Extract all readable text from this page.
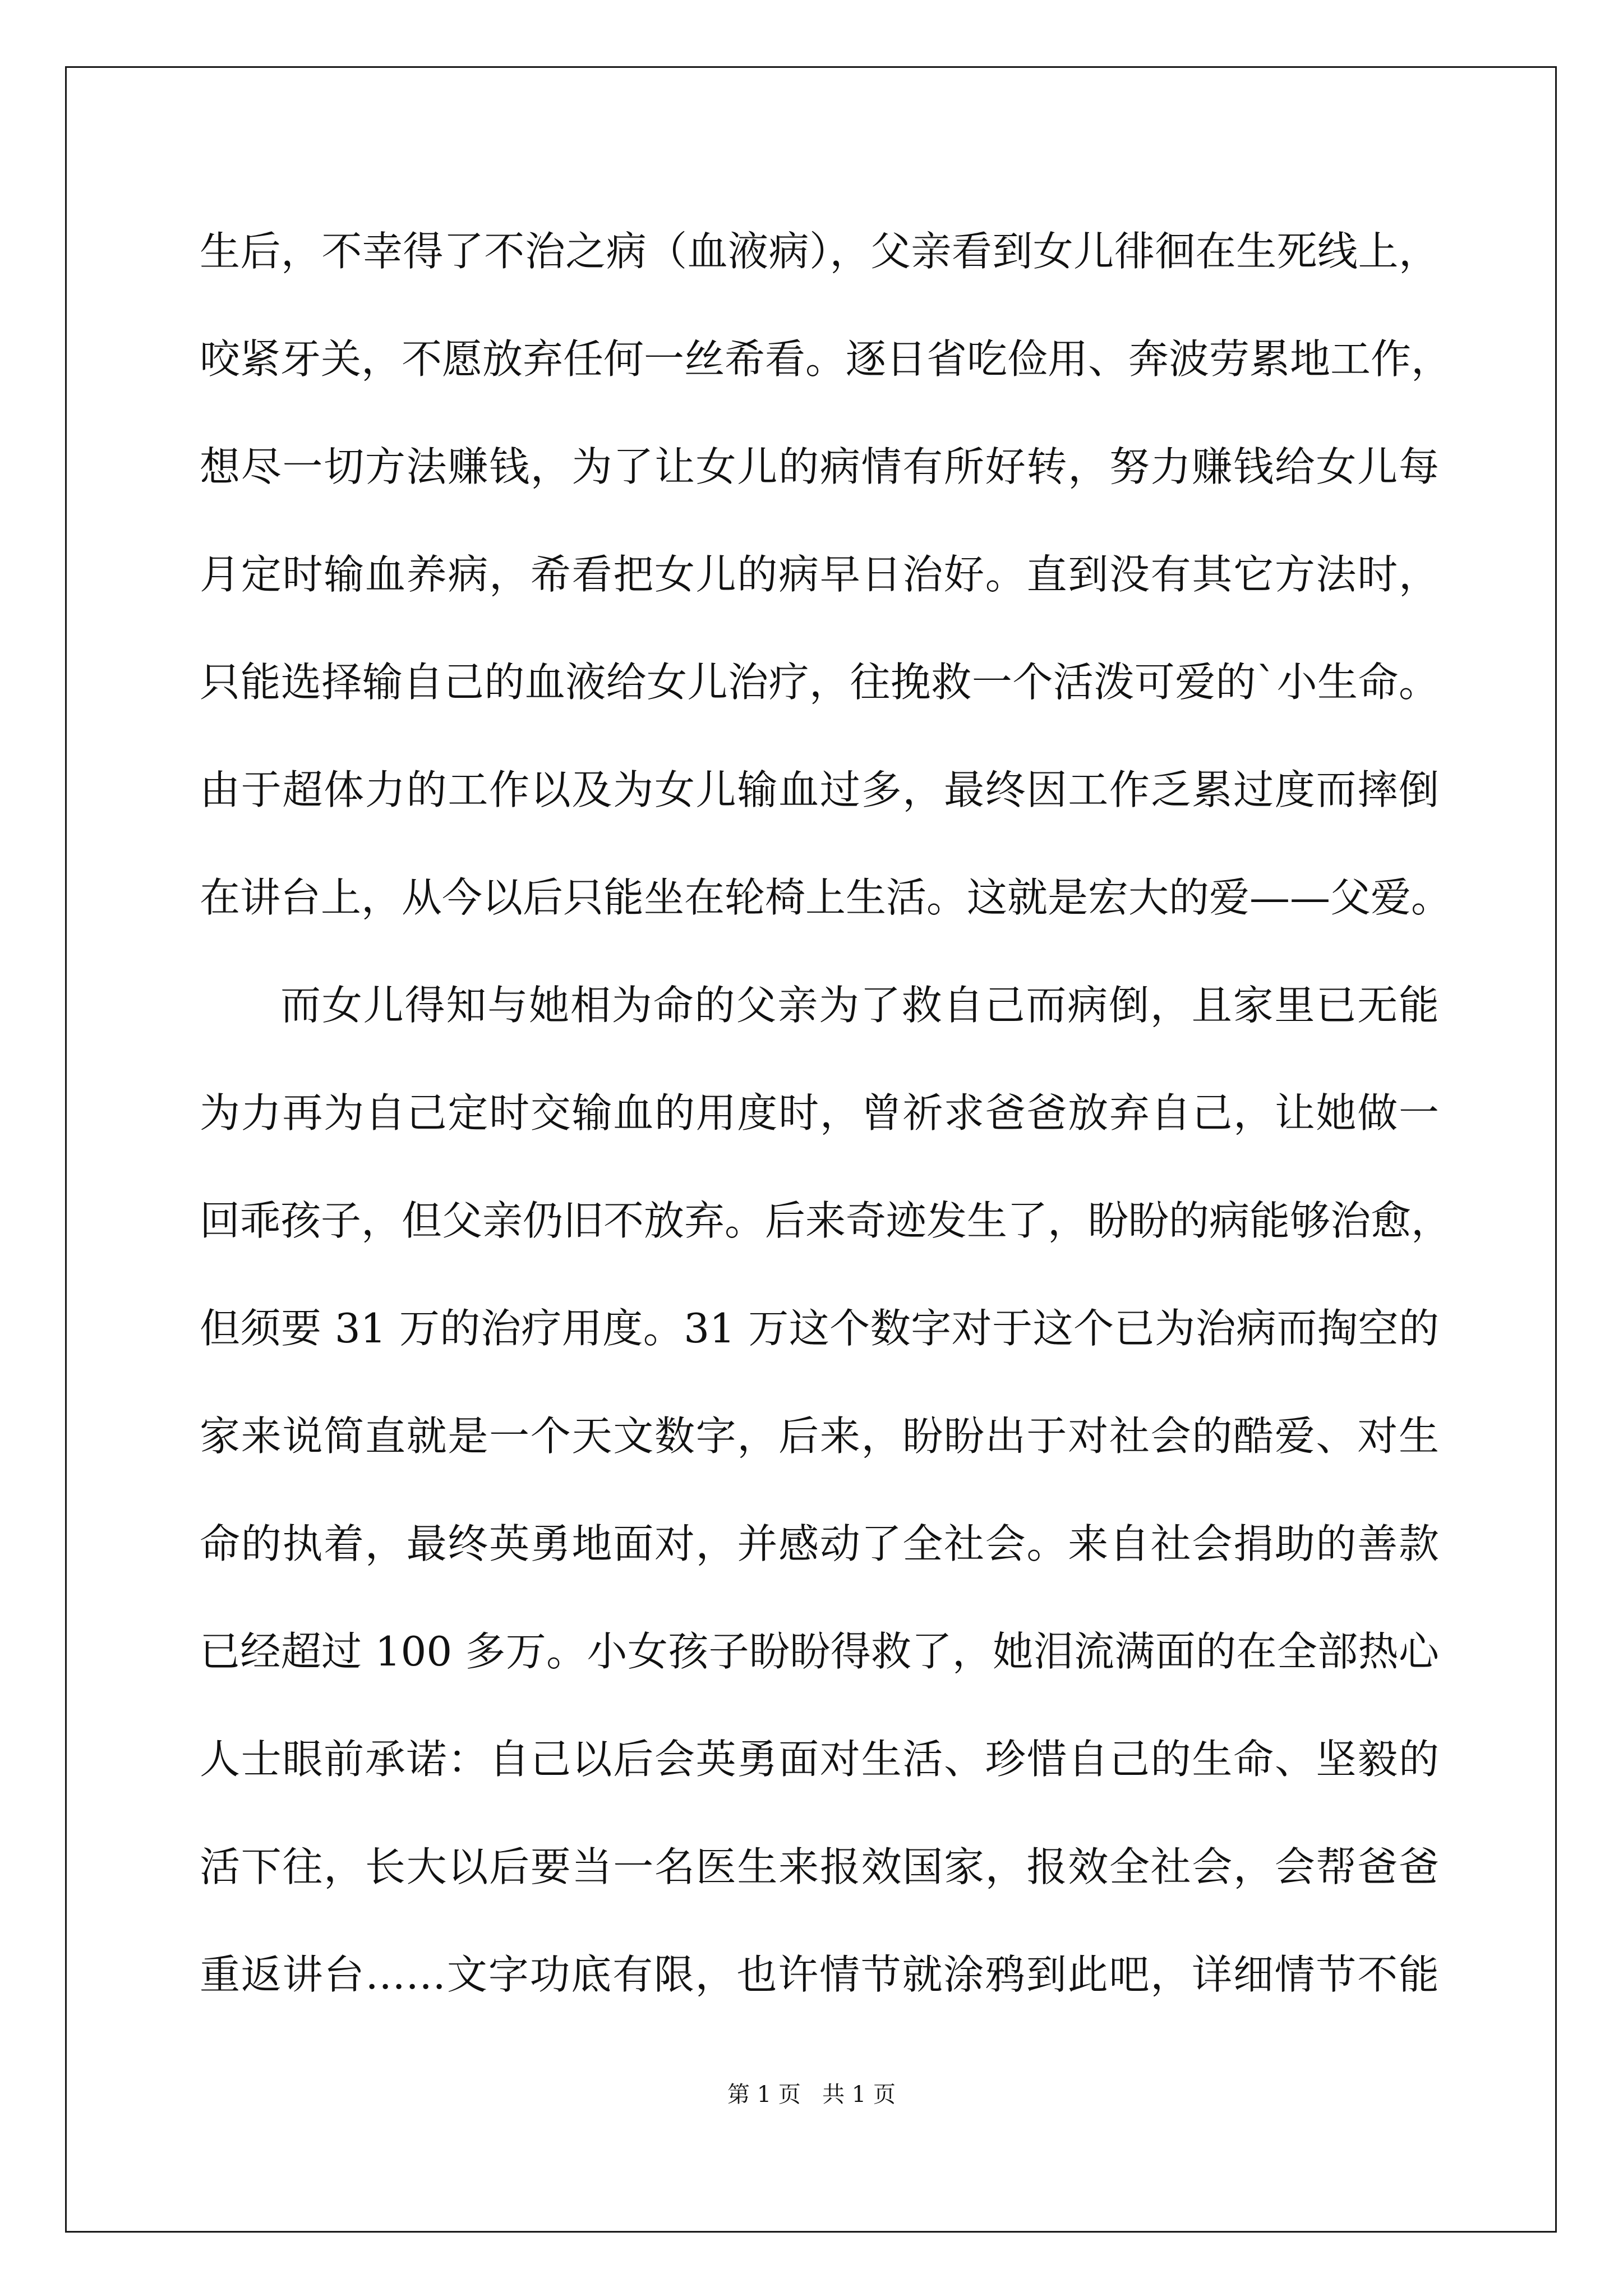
生后，不幸得了不治之病（血液病），父亲看到女儿徘徊在生死线上，
咬紧牙关，不愿放弃任何一丝希看。逐日省吃俭用、奔波劳累地工作，
想尽一切方法赚钱，为了让女儿的病情有所好转，努力赚钱给女儿每
月定时输血养病，希看把女儿的病早日治好。直到没有其它方法时，
只能选择输自己的血液给女儿治疗，往挽救一个活泼可爱的`小生命。
由于超体力的工作以及为女儿输血过多，最终因工作乏累过度而摔倒
在讲台上，从今以后只能坐在轮椅上生活。这就是宏大的爱——父爱。
而女儿得知与她相为命的父亲为了救自己而病倒，且家里已无能
为力再为自己定时交输血的用度时，曾祈求爸爸放弃自己，让她做一
回乖孩子，但父亲仍旧不放弃。后来奇迹发生了，盼盼的病能够治愈，
但须要 31 万的治疗用度。31 万这个数字对于这个已为治病而掏空的
家来说简直就是一个天文数字，后来，盼盼出于对社会的酷爱、对生
命的执着，最终英勇地面对，并感动了全社会。来自社会捐助的善款
已经超过 100 多万。小女孩子盼盼得救了，她泪流满面的在全部热心
人士眼前承诺：自己以后会英勇面对生活、珍惜自己的生命、坚毅的
活下往，长大以后要当一名医生来报效国家，报效全社会，会帮爸爸
重返讲台……文字功底有限，也许情节就涂鸦到此吧，详细情节不能
第 1 页   共 1 页
